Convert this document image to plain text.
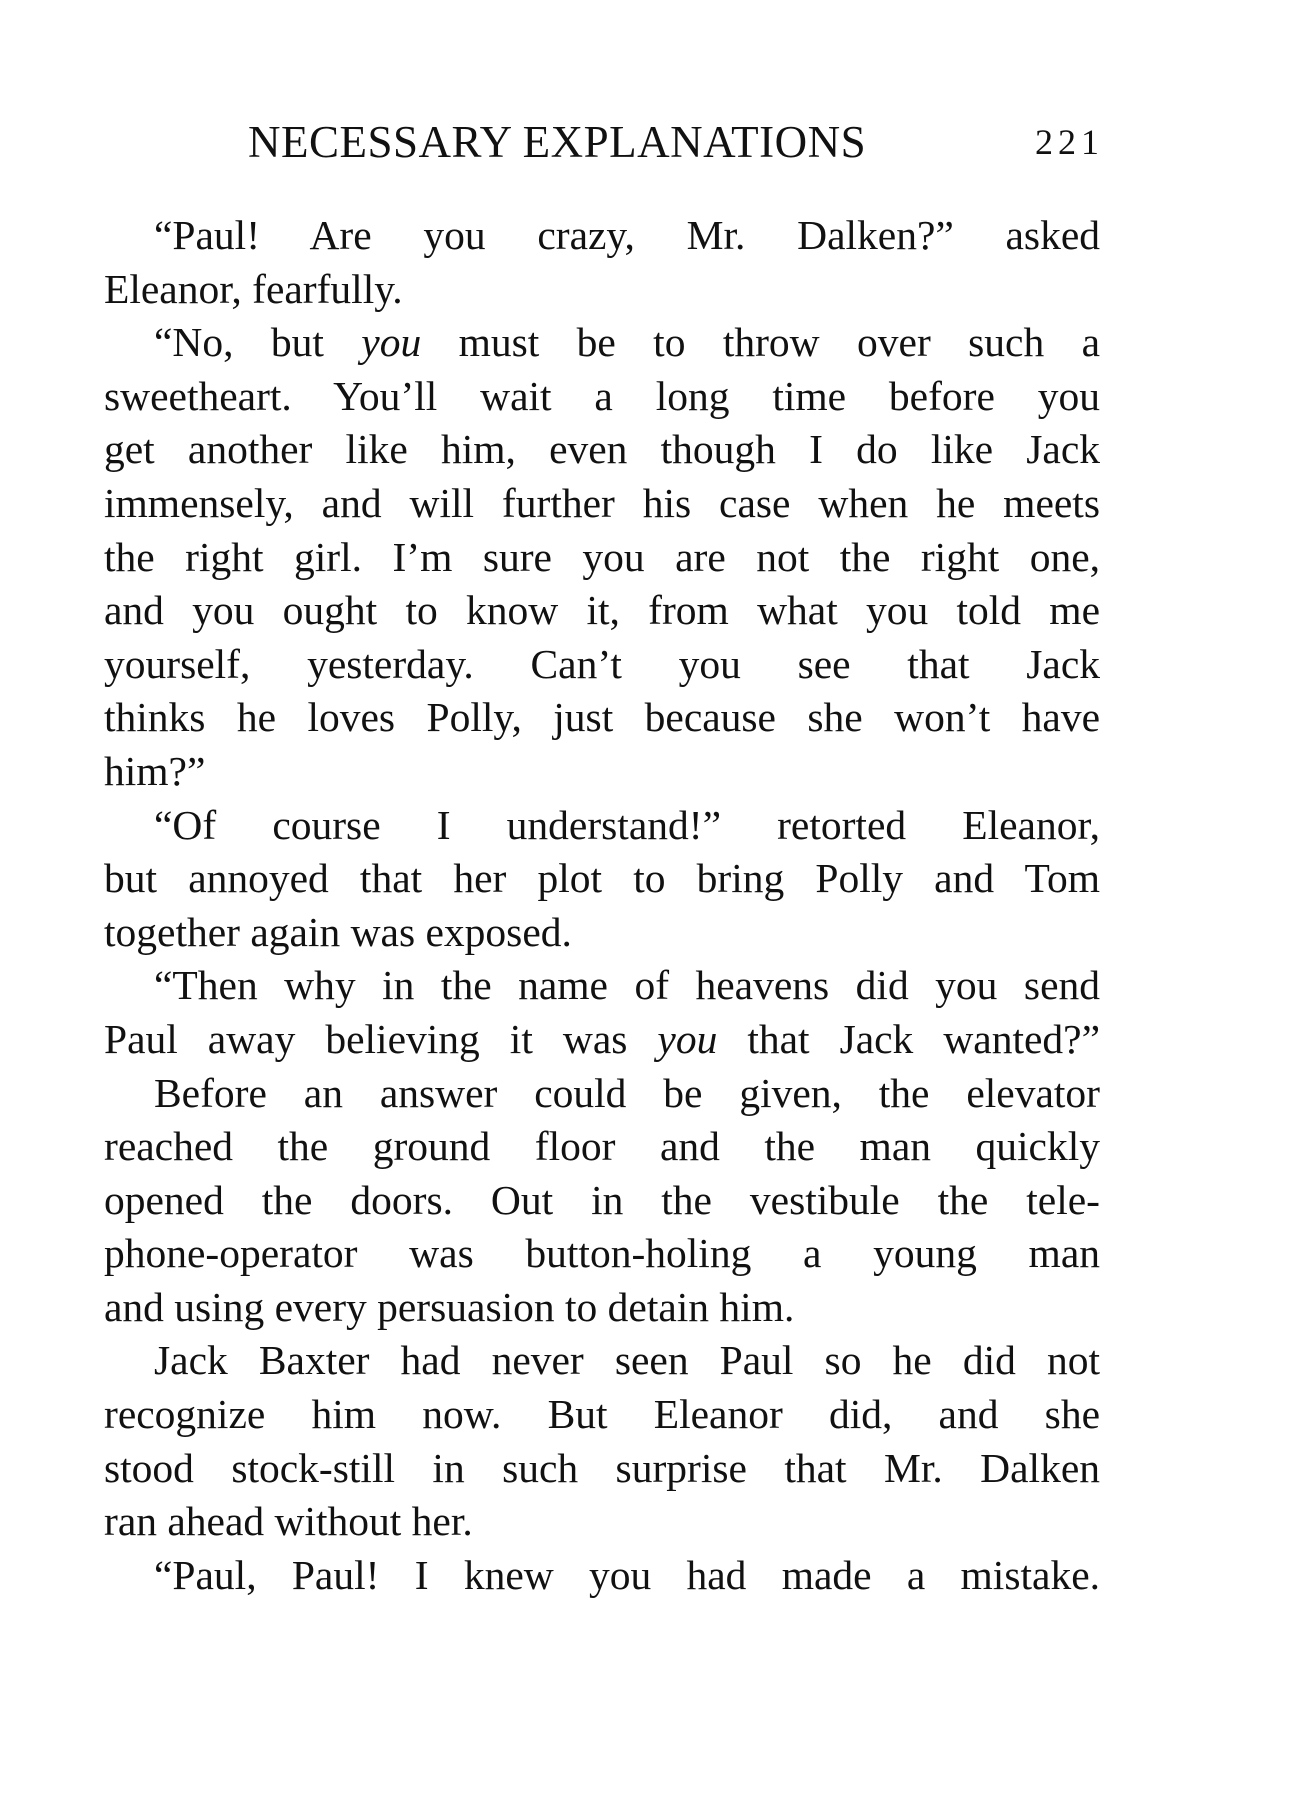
NECESSARY EXPLANATIONS	221
“Paul! Are you crazy, Mr. Dalken?” asked
Eleanor, fearfully.
“No, but you must be to throw over such a
sweetheart. You’ll wait a long time before you
get another like him, even though I do like Jack
immensely, and will further his case when he meets
the right girl. I’m sure you are not the right one,
and you ought to know it, from what you told me
yourself, yesterday. Can’t you see that Jack
thinks he loves Polly, just because she won’t have
him?”
“Of course I understand!” retorted Eleanor,
but annoyed that her plot to bring Polly and Tom
together again was exposed.
“Then why in the name of heavens did you send
Paul away believing it was you that Jack wanted?”
Before an answer could be given, the elevator
reached the ground floor and the man quickly
opened the doors. Out in the vestibule the tele-
phone-operator was button-holing a young man
and using every persuasion to detain him.
Jack Baxter had never seen Paul so he did not
recognize him now. But Eleanor did, and she
stood stock-still in such surprise that Mr. Dalken
ran ahead without her.
“Paul, Paul! I knew you had made a mistake.
